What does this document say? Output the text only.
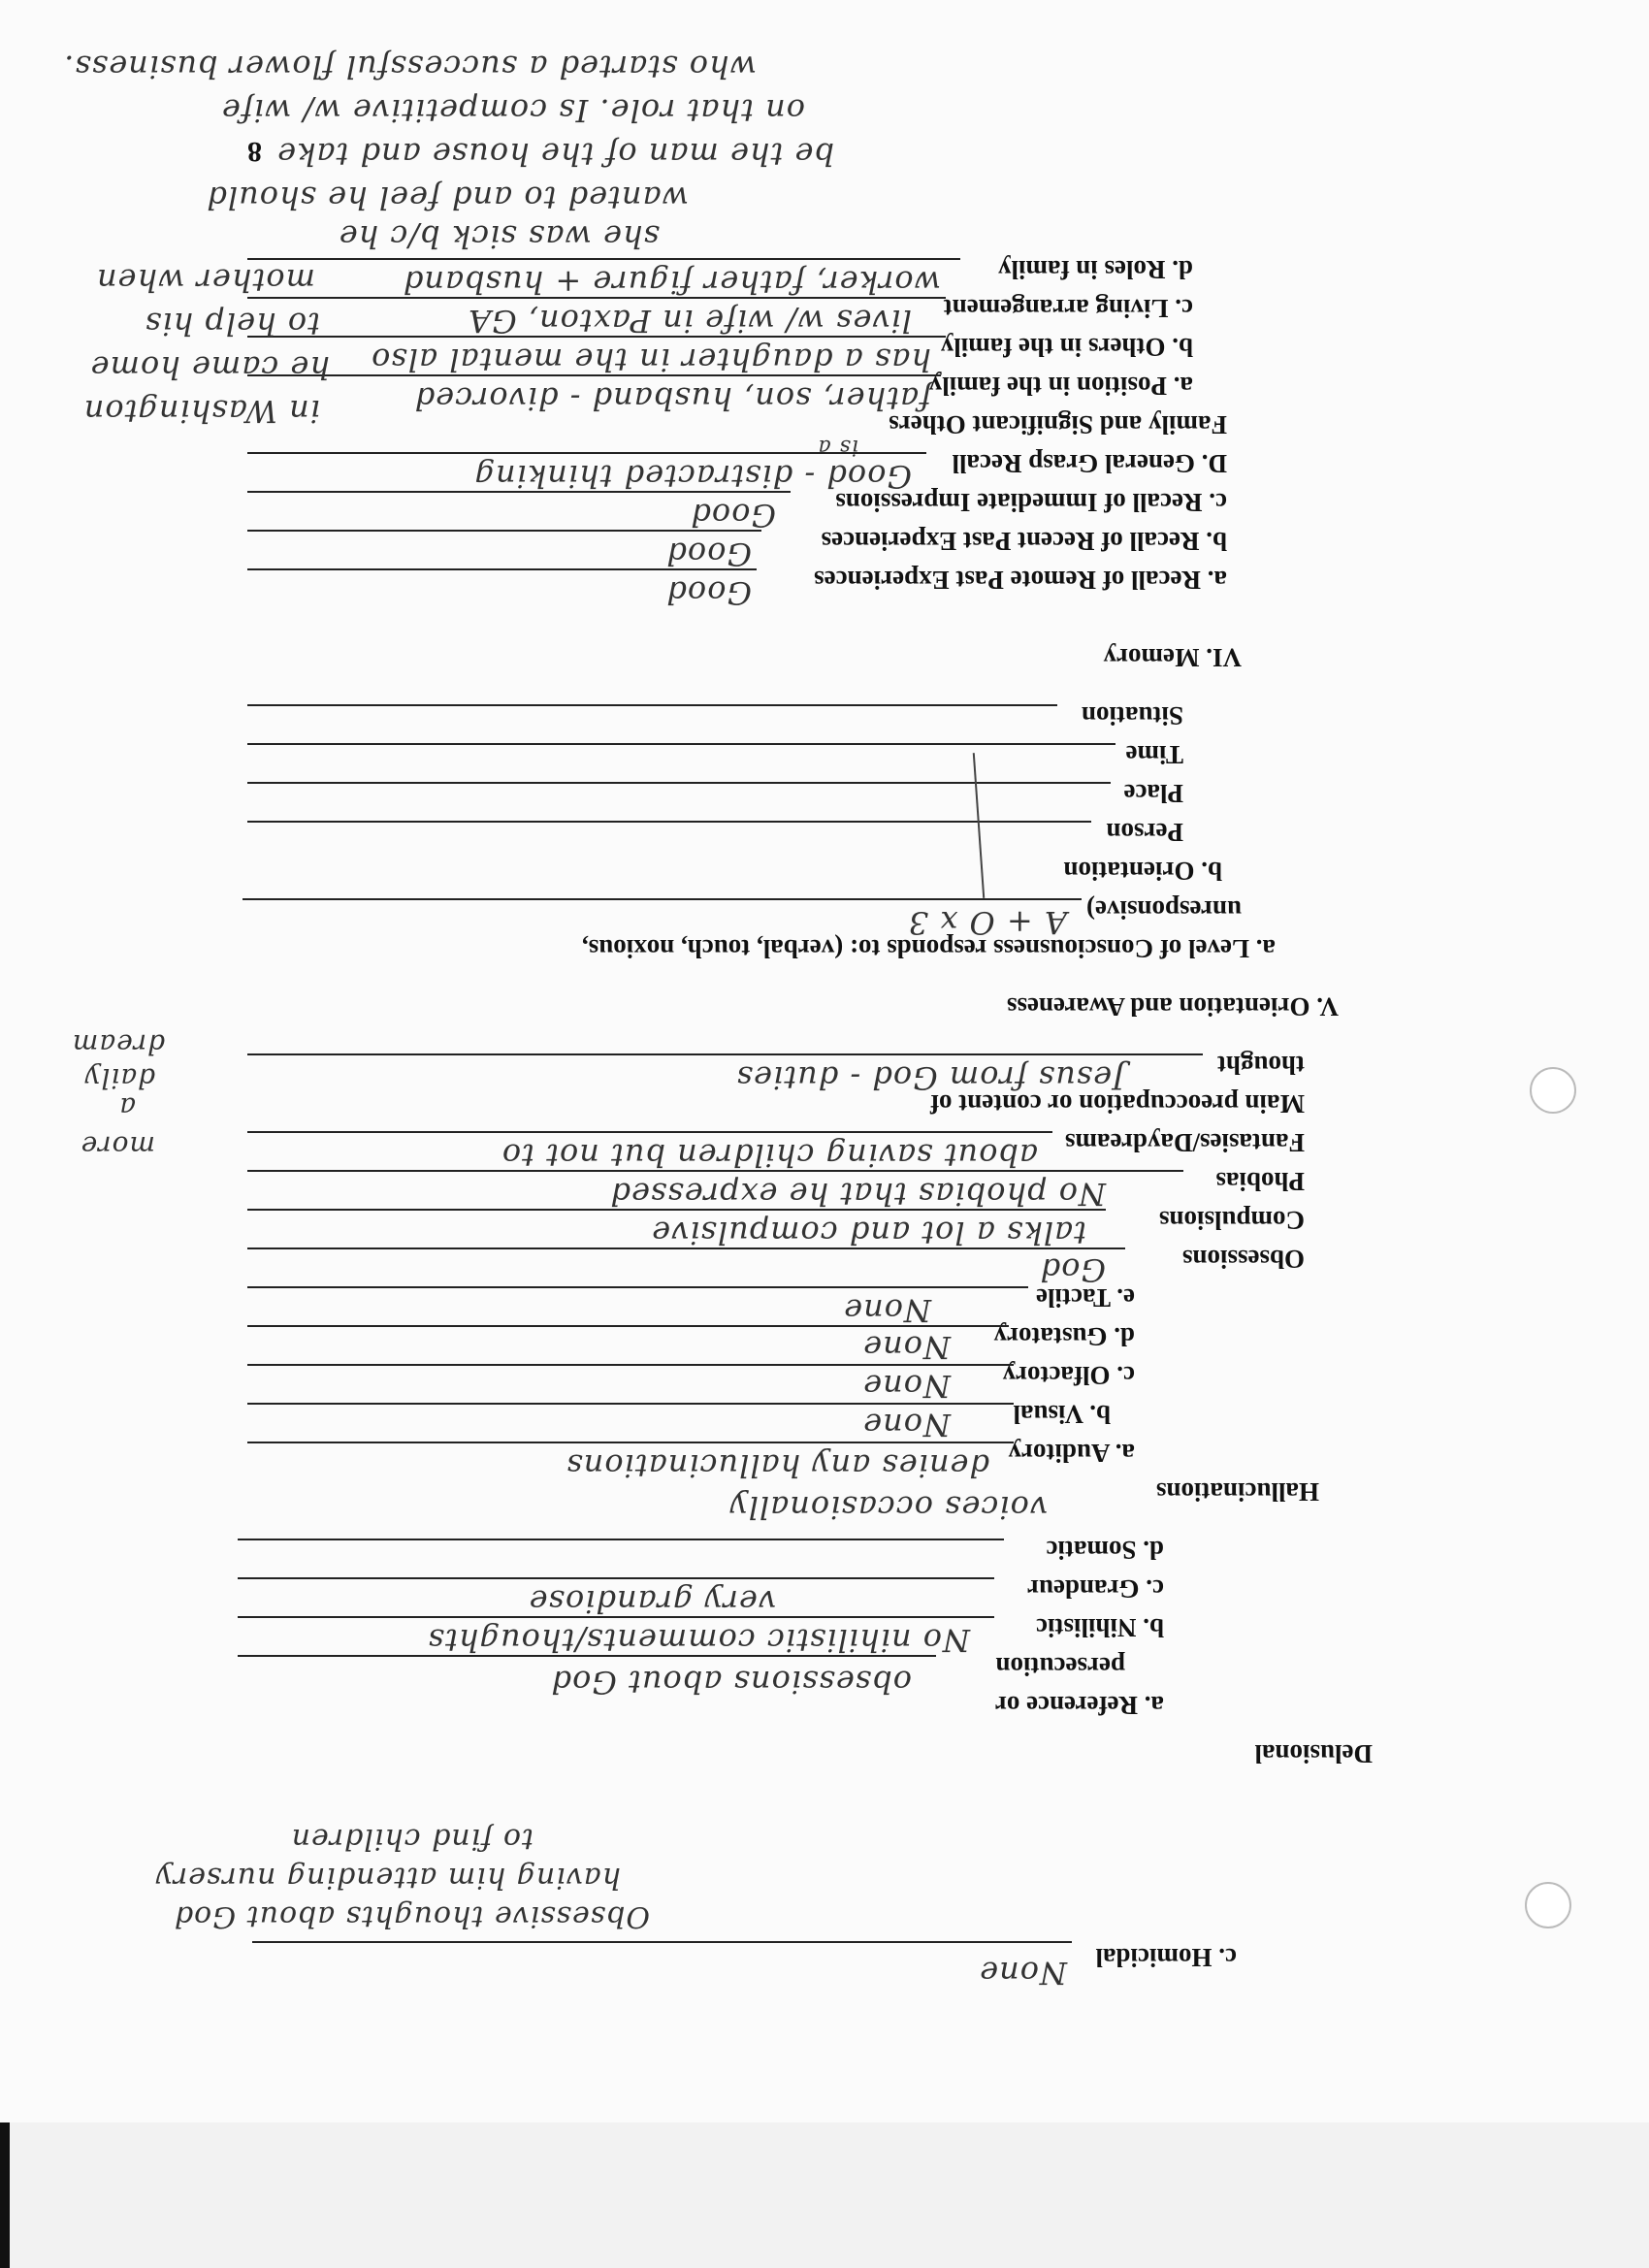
c. Homicidal
None
Obsessive thoughts about God
having him attending nursery
to find children
Delusional
a. Reference or
persecution
obsessions about God
b. Nihilistic
No nihilistic comments/thoughts
c. Grandeur
very grandiose
d. Somatic
Hallucinations
voices occasionally
a. Auditory
denies any hallucinations
b. Visual
None
c. Olfactory
None
d. Gustatory
None
e. Tactile
None
Obsessions
God
Compulsions
talks a lot and compulsive
Phobias
No phobias that he expressed
Fantasies/Daydreams
about saving children but not to
Main preoccupation or content of
thought
Jesus from God - duties
more
a
daily
dream
V. Orientation and Awareness
a. Level of Consciousness responds to: (verbal, touch, noxious,
unresponsive)
A + O x 3
b. Orientation
Person
Place
Time
Situation
VI. Memory
a. Recall of Remote Past Experiences
Good
b. Recall of Recent Past Experiences
Good
c. Recall of Immediate Impressions
Good
D. General Grasp Recall
Good - distracted thinking
Family and Significant Others
is a
a. Position in the family
father, son, husband - divorced
b. Others in the family
has a daughter in the mental also
c. Living arrangement
lives w/ wife in Paxton, GA
d. Roles in family
worker, father figure + husband
in Washington
he came home
to help his
mother when
she was sick b/c he
wanted to and feel he should
be the man of the house and take
on that role. Is competitive w/ wife
who started a successful flower business.
8
